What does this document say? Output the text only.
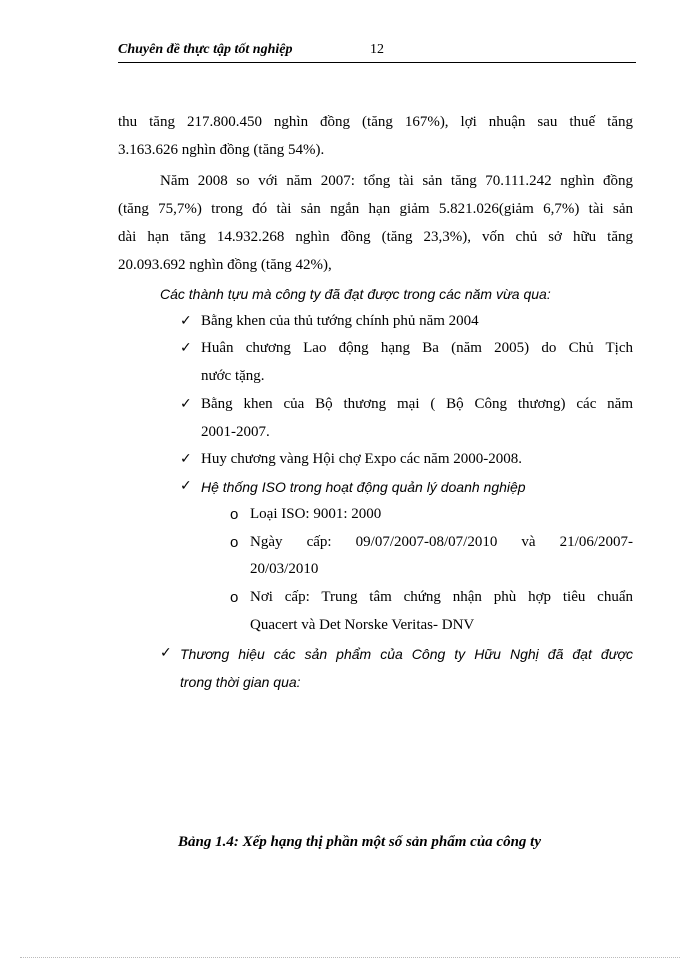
Chuyên đề thực tập tốt nghiệp	12
thu tăng 217.800.450 nghìn đồng (tăng 167%), lợi nhuận sau thuế tăng
3.163.626 nghìn đồng (tăng 54%).
Năm 2008 so với năm 2007: tổng tài sản tăng 70.111.242 nghìn đồng
(tăng 75,7%) trong đó tài sản ngắn hạn giảm 5.821.026(giảm 6,7%) tài sản
dài hạn tăng 14.932.268 nghìn đồng (tăng 23,3%), vốn chủ sở hữu tăng
20.093.692 nghìn đồng (tăng 42%),
Các thành tựu mà công ty đã đạt được trong các năm vừa qua:
✓ Bằng khen của thủ tướng chính phủ năm 2004
✓ Huân chương Lao động hạng Ba (năm 2005) do Chủ Tịch
nước tặng.
✓ Bằng khen của Bộ thương mại ( Bộ Công thương) các năm
2001-2007.
✓ Huy chương vàng Hội chợ Expo các năm 2000-2008.
✓ Hệ thống ISO trong hoạt động quản lý doanh nghiệp
o Loại ISO: 9001: 2000
o Ngày cấp: 09/07/2007-08/07/2010 và 21/06/2007-
20/03/2010
o Nơi cấp: Trung tâm chứng nhận phù hợp tiêu chuẩn
Quacert và Det Norske Veritas- DNV
✓ Thương hiệu các sản phẩm của Công ty Hữu Nghị đã đạt được
trong thời gian qua:
Bảng 1.4: Xếp hạng thị phần một số sản phẩm của công ty
